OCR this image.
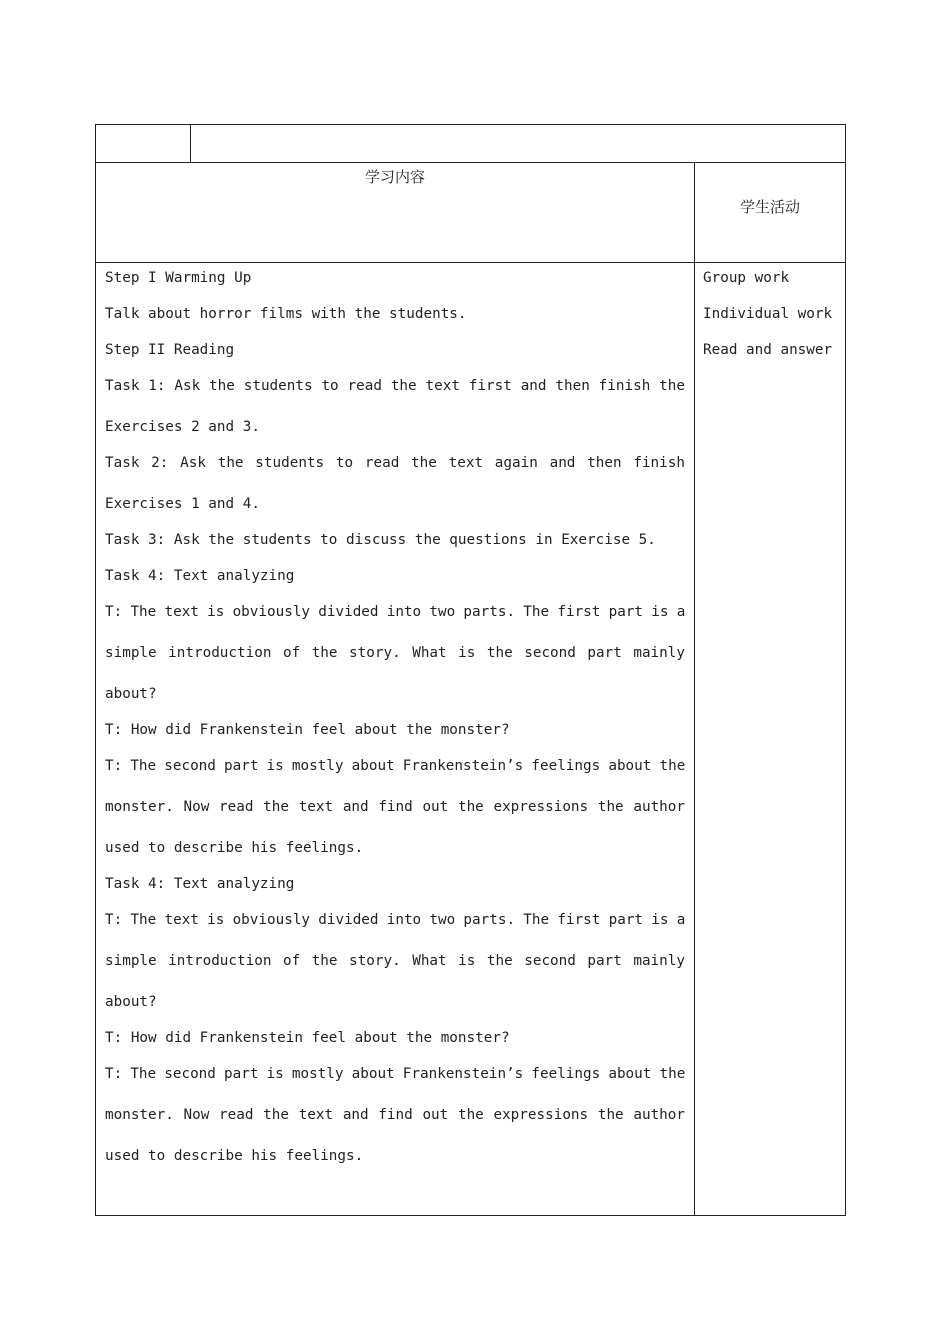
学习内容
学生活动
Step I Warming Up
Talk about horror films with the students.
Step II Reading
Task 1: Ask the students to read the text first and then finish the
Exercises 2 and 3.
Task 2: Ask the students to read the text again and then finish
Exercises 1 and 4.
Task 3: Ask the students to discuss the questions in Exercise 5.
Task 4: Text analyzing
T: The text is obviously divided into two parts. The first part is a
simple introduction of the story. What is the second part mainly
about?
T: How did Frankenstein feel about the monster?
T: The second part is mostly about Frankenstein’s feelings about the
monster. Now read the text and find out the expressions the author
used to describe his feelings.
Task 4: Text analyzing
T: The text is obviously divided into two parts. The first part is a
simple introduction of the story. What is the second part mainly
about?
T: How did Frankenstein feel about the monster?
T: The second part is mostly about Frankenstein’s feelings about the
monster. Now read the text and find out the expressions the author
used to describe his feelings.
Group work
Individual work
Read and answer
